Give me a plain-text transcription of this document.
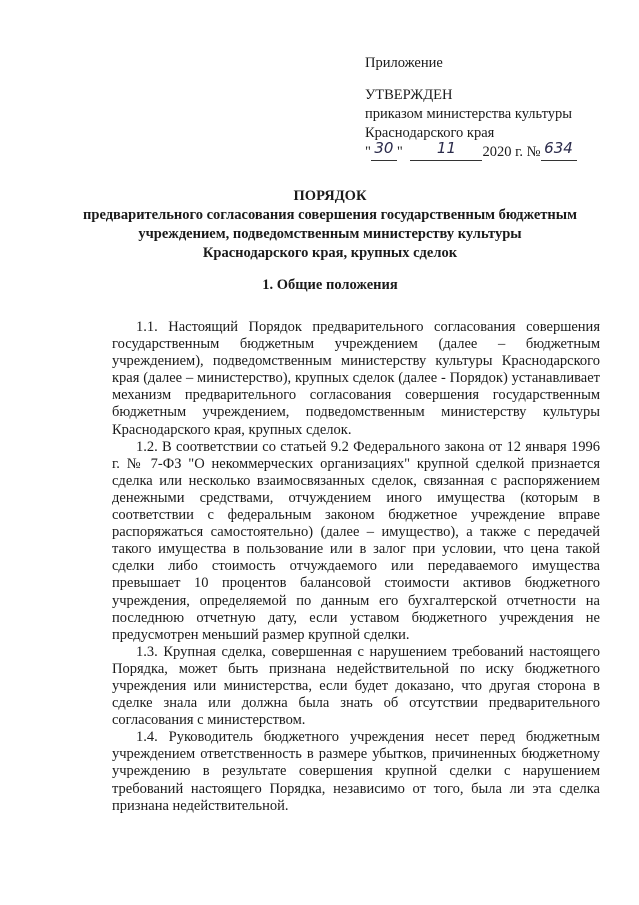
Приложение
УТВЕРЖДЕН
приказом министерства культуры
Краснодарского края
" 30 " 11 2020 г. № 634
ПОРЯДОК
предварительного согласования совершения государственным бюджетным
учреждением, подведомственным министерству культуры
Краснодарского края, крупных сделок
1. Общие положения

1.1. Настоящий Порядок предварительного согласования совершения государственным бюджетным учреждением (далее – бюджетным учреждением), подведомственным министерству культуры Краснодарского края (далее – министерство), крупных сделок (далее - Порядок) устанавливает механизм предварительного согласования совершения государственным бюджетным учреждением, подведомственным министерству культуры Краснодарского края, крупных сделок.

1.2. В соответствии со статьей 9.2 Федерального закона от 12 января 1996 г. № 7-ФЗ "О некоммерческих организациях" крупной сделкой признается сделка или несколько взаимосвязанных сделок, связанная с распоряжением денежными средствами, отчуждением иного имущества (которым в соответствии с федеральным законом бюджетное учреждение вправе распоряжаться самостоятельно) (далее – имущество), а также с передачей такого имущества в пользование или в залог при условии, что цена такой сделки либо стоимость отчуждаемого или передаваемого имущества превышает 10 процентов балансовой стоимости активов бюджетного учреждения, определяемой по данным его бухгалтерской отчетности на последнюю отчетную дату, если уставом бюджетного учреждения не предусмотрен меньший размер крупной сделки.

1.3. Крупная сделка, совершенная с нарушением требований настоящего Порядка, может быть признана недействительной по иску бюджетного учреждения или министерства, если будет доказано, что другая сторона в сделке знала или должна была знать об отсутствии предварительного согласования с министерством.

1.4. Руководитель бюджетного учреждения несет перед бюджетным учреждением ответственность в размере убытков, причиненных бюджетному учреждению в результате совершения крупной сделки с нарушением требований настоящего Порядка, независимо от того, была ли эта сделка признана недействительной.
